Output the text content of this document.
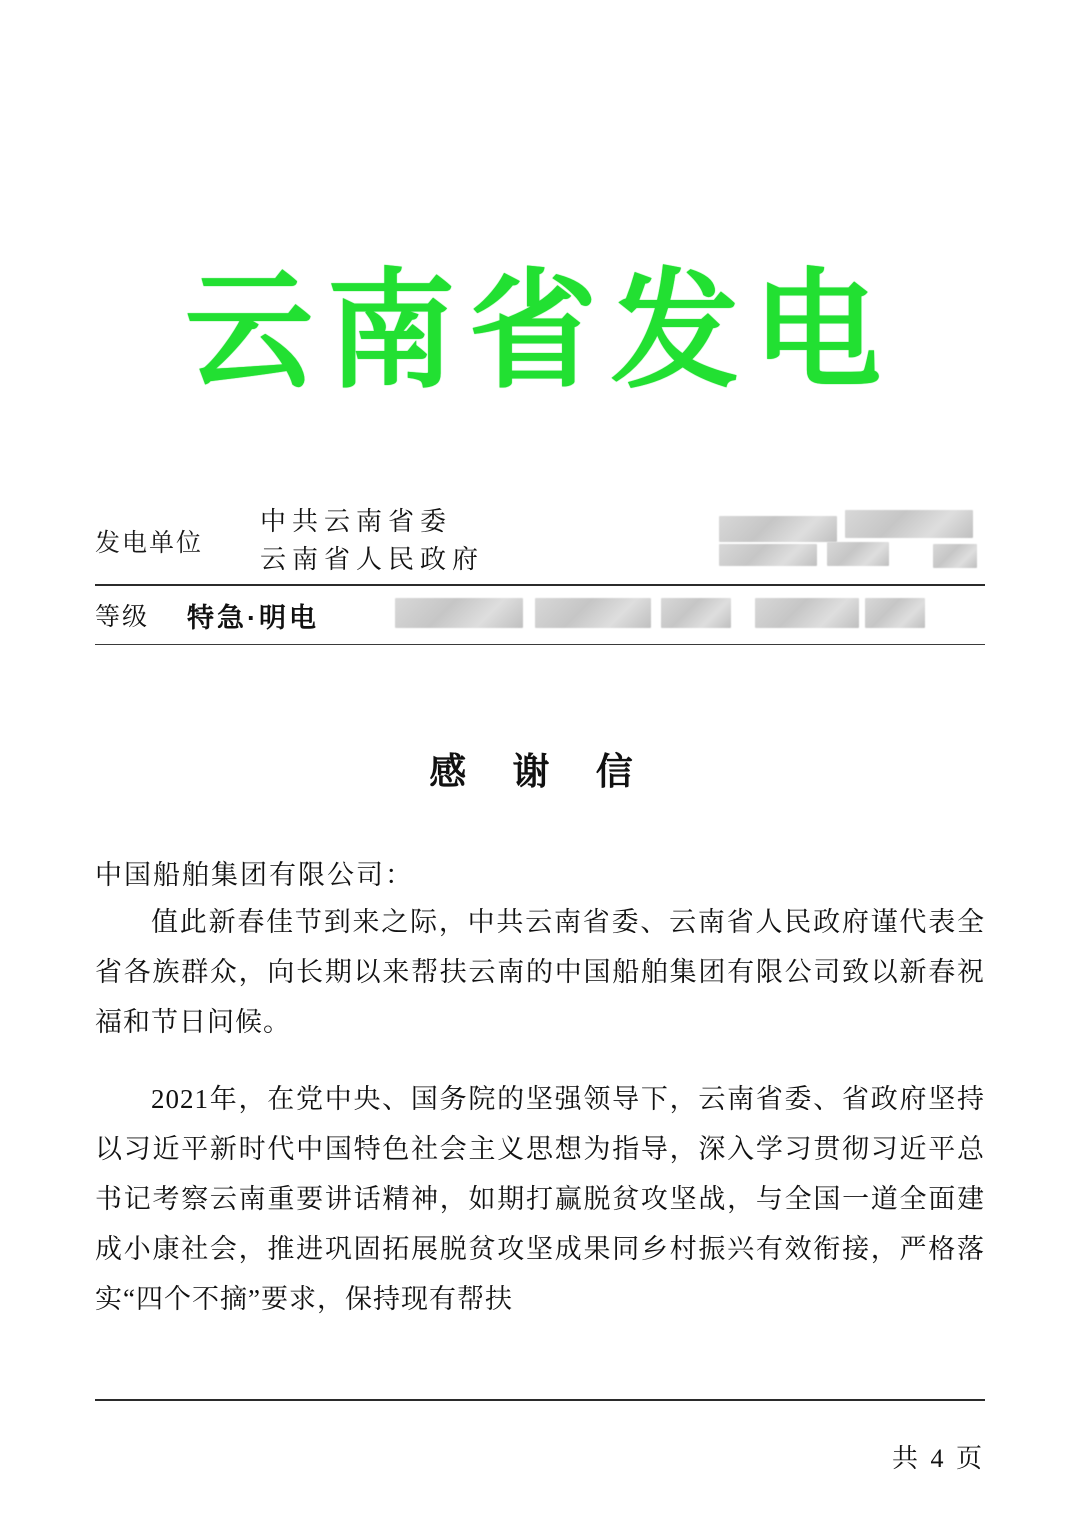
云南省发电
发电单位
中共云南省委
云南省人民政府
等级	特急·明电
感 谢 信
中国船舶集团有限公司：

值此新春佳节到来之际，中共云南省委、云南省人民政府谨代表全省各族群众，向长期以来帮扶云南的中国船舶集团有限公司致以新春祝福和节日问候。

2021年，在党中央、国务院的坚强领导下，云南省委、省政府坚持以习近平新时代中国特色社会主义思想为指导，深入学习贯彻习近平总书记考察云南重要讲话精神，如期打赢脱贫攻坚战，与全国一道全面建成小康社会，推进巩固拓展脱贫攻坚成果同乡村振兴有效衔接，严格落实“四个不摘”要求，保持现有帮扶

共 4 页
